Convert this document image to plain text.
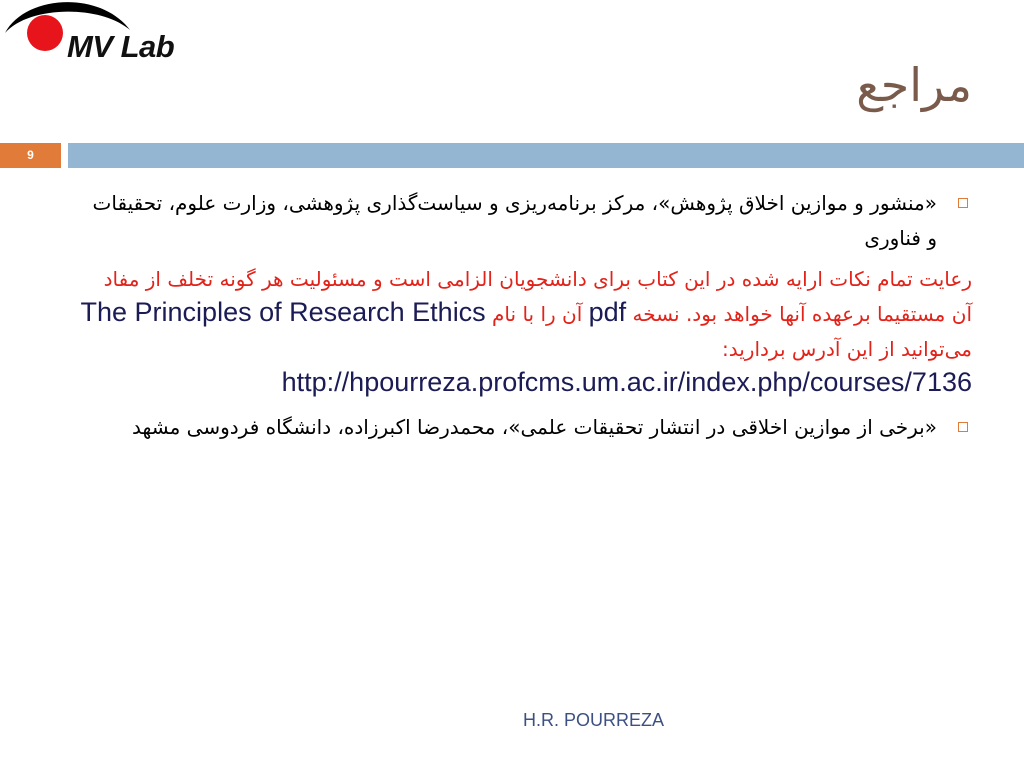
MV Lab
مراجع
9
«منشور و موازین اخلاق پژوهش»، مرکز برنامه‌ریزی و سیاست‌گذاری پژوهشی، وزارت علوم، تحقیقات و فناوری

رعایت تمام نکات ارایه شده در این کتاب برای دانشجویان الزامی است و مسئولیت هر گونه تخلف از مفاد آن مستقیما برعهده آنها خواهد بود. نسخه pdf آن را با نام The Principles of Research Ethics می‌توانید از این آدرس بردارید: http://hpourreza.profcms.um.ac.ir/index.php/courses/7136

«برخی از موازین اخلاقی در انتشار تحقیقات علمی»، محمدرضا اکبرزاده، دانشگاه فردوسی مشهد
H.R. POURREZA
